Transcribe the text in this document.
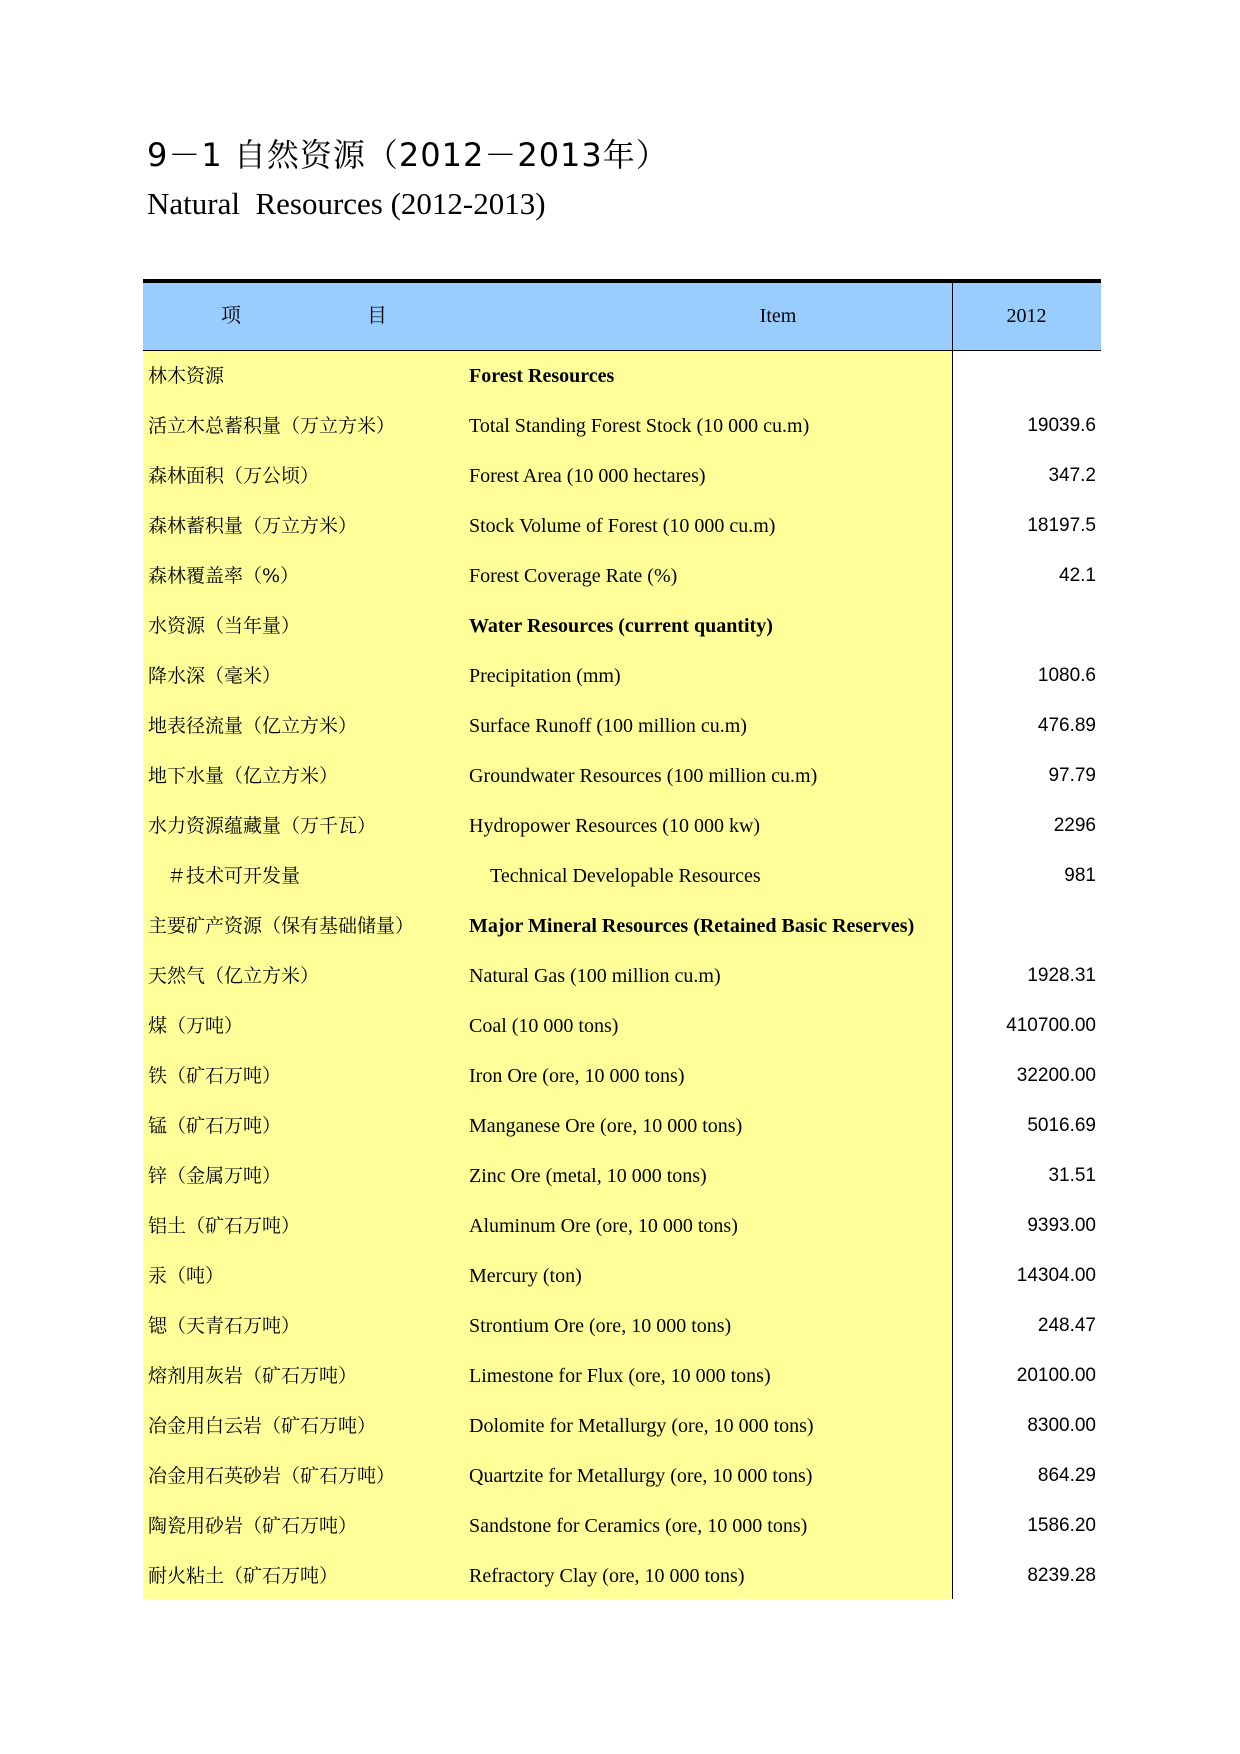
9－1 自然资源（2012－2013年）
Natural  Resources (2012-2013)
项	目	Item	2012
林木资源	Forest Resources
活立木总蓄积量（万立方米）	Total Standing Forest Stock (10 000 cu.m)	19039.6
森林面积（万公顷）	Forest Area (10 000 hectares)	347.2
森林蓄积量（万立方米）	Stock Volume of Forest (10 000 cu.m)	18197.5
森林覆盖率（%）	Forest Coverage Rate (%)	42.1
水资源（当年量）	Water Resources (current quantity)
降水深（毫米）	Precipitation (mm)	1080.6
地表径流量（亿立方米）	Surface Runoff (100 million cu.m)	476.89
地下水量（亿立方米）	Groundwater Resources (100 million cu.m)	97.79
水力资源蕴藏量（万千瓦）	Hydropower Resources (10 000 kw)	2296
＃技术可开发量	Technical Developable Resources	981
主要矿产资源（保有基础储量）	Major Mineral Resources (Retained Basic Reserves)
天然气（亿立方米）	Natural Gas (100 million cu.m)	1928.31
煤（万吨）	Coal (10 000 tons)	410700.00
铁（矿石万吨）	Iron Ore (ore, 10 000 tons)	32200.00
锰（矿石万吨）	Manganese Ore (ore, 10 000 tons)	5016.69
锌（金属万吨）	Zinc Ore (metal, 10 000 tons)	31.51
铝土（矿石万吨）	Aluminum Ore (ore, 10 000 tons)	9393.00
汞（吨）	Mercury (ton)	14304.00
锶（天青石万吨）	Strontium Ore (ore, 10 000 tons)	248.47
熔剂用灰岩（矿石万吨）	Limestone for Flux (ore, 10 000 tons)	20100.00
冶金用白云岩（矿石万吨）	Dolomite for Metallurgy (ore, 10 000 tons)	8300.00
冶金用石英砂岩（矿石万吨）	Quartzite for Metallurgy (ore, 10 000 tons)	864.29
陶瓷用砂岩（矿石万吨）	Sandstone for Ceramics (ore, 10 000 tons)	1586.20
耐火粘土（矿石万吨）	Refractory Clay (ore, 10 000 tons)	8239.28
